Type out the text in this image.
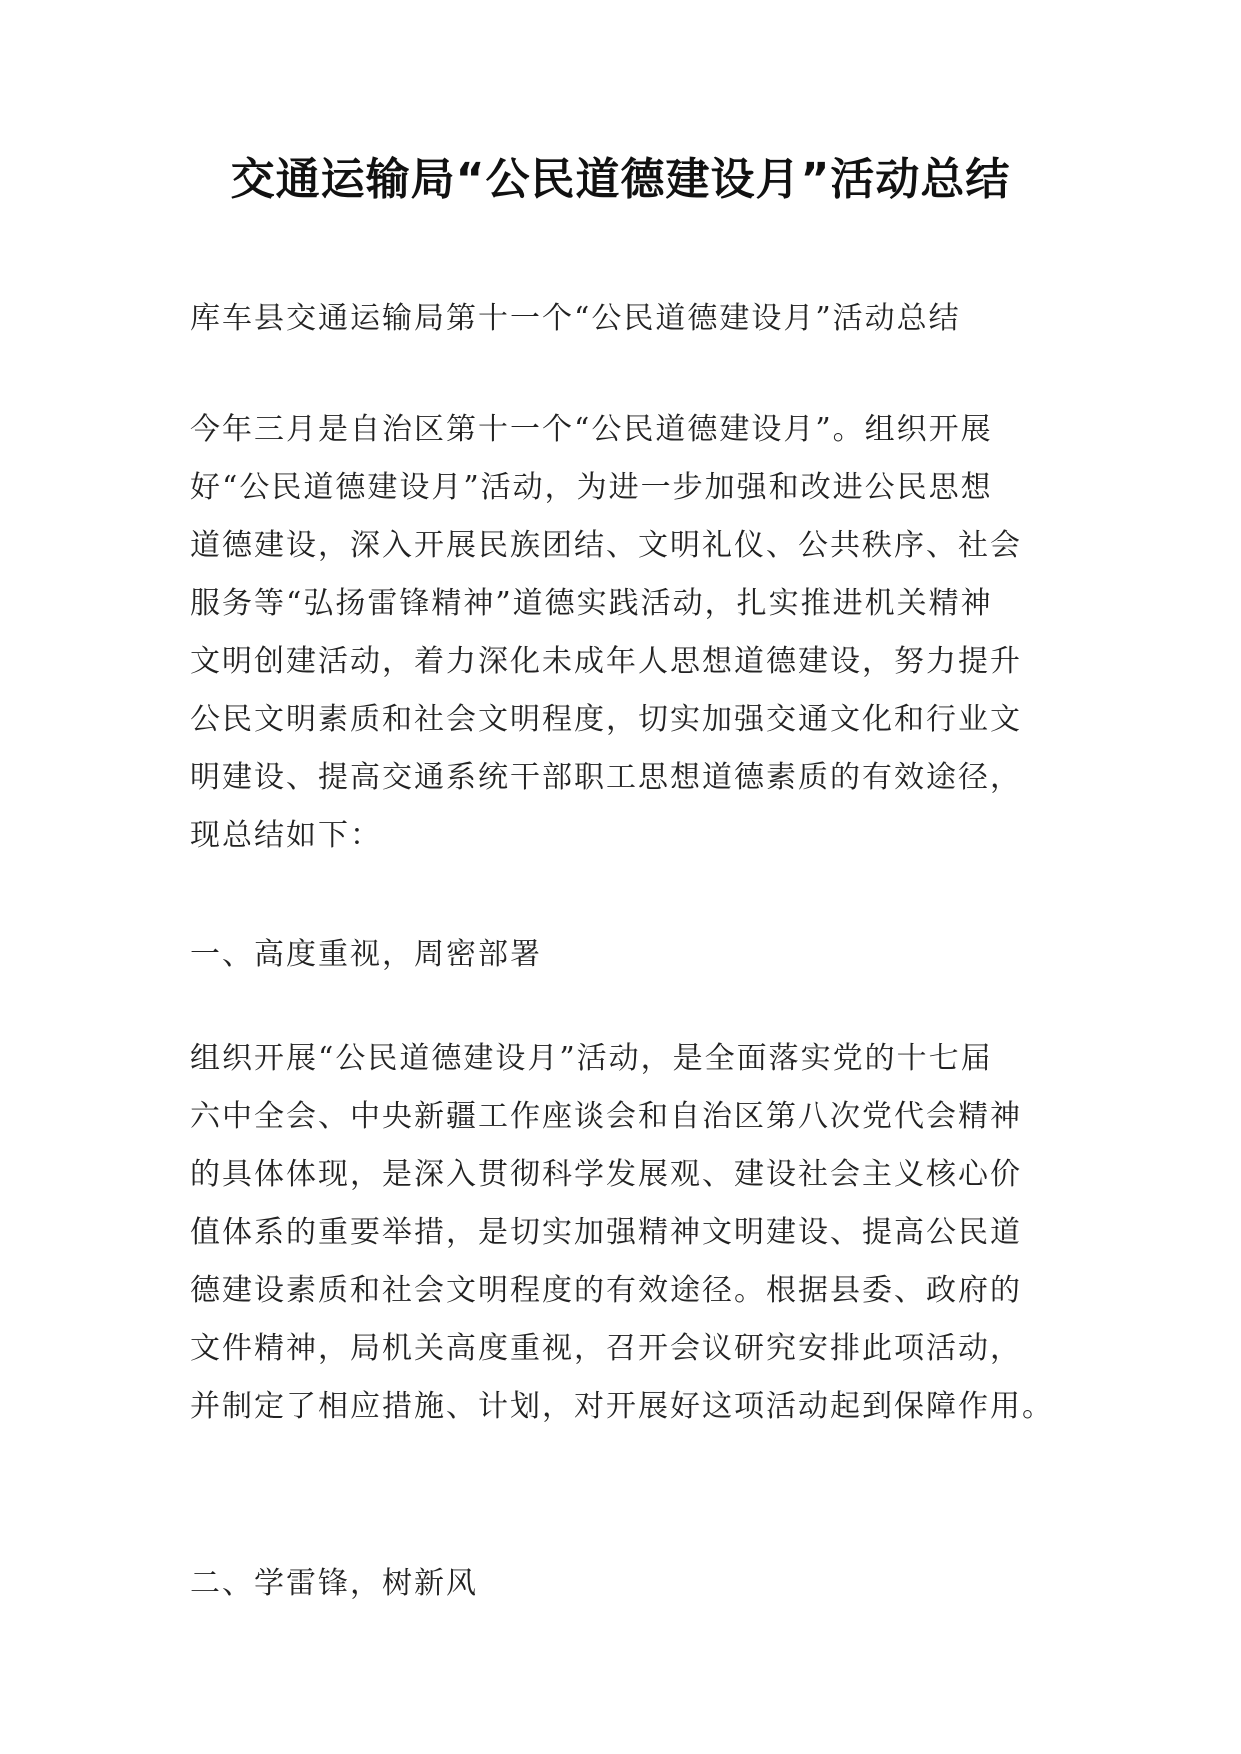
交通运输局“公民道德建设月”活动总结
库车县交通运输局第十一个“公民道德建设月”活动总结
今年三月是自治区第十一个“公民道德建设月”。组织开展
好“公民道德建设月”活动，为进一步加强和改进公民思想
道德建设，深入开展民族团结、文明礼仪、公共秩序、社会
服务等“弘扬雷锋精神”道德实践活动，扎实推进机关精神
文明创建活动，着力深化未成年人思想道德建设，努力提升
公民文明素质和社会文明程度，切实加强交通文化和行业文
明建设、提高交通系统干部职工思想道德素质的有效途径，
现总结如下：
一、高度重视，周密部署
组织开展“公民道德建设月”活动，是全面落实党的十七届
六中全会、中央新疆工作座谈会和自治区第八次党代会精神
的具体体现，是深入贯彻科学发展观、建设社会主义核心价
值体系的重要举措，是切实加强精神文明建设、提高公民道
德建设素质和社会文明程度的有效途径。根据县委、政府的
文件精神，局机关高度重视，召开会议研究安排此项活动，
并制定了相应措施、计划，对开展好这项活动起到保障作用。
二、学雷锋，树新风
